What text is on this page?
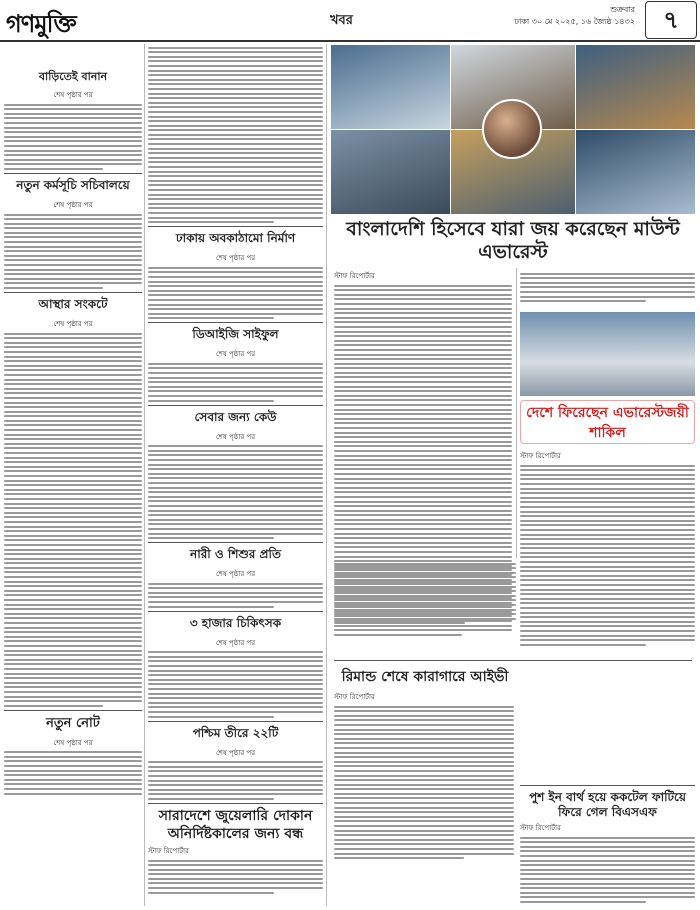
গণমুক্তি	খবর
শুক্রবার
ঢাকা ৩০ মে ২০২৫, ১৬ জ্যৈষ্ঠ ১৪৩২	৭
বাড়িতেই বানান
শেষ পৃষ্ঠার পর
নতুন কর্মসূচি সচিবালয়ে
শেষ পৃষ্ঠার পর
আস্থার সংকটে
শেষ পৃষ্ঠার পর
নতুন নোট
শেষ পৃষ্ঠার পর
ঢাকায় অবকাঠামো নির্মাণ
শেষ পৃষ্ঠার পর
ডিআইজি সাইফুল
শেষ পৃষ্ঠার পর
সেবার জন্য কেউ
শেষ পৃষ্ঠার পর
নারী ও শিশুর প্রতি
শেষ পৃষ্ঠার পর
৩ হাজার চিকিৎসক
শেষ পৃষ্ঠার পর
পশ্চিম তীরে ২২টি
শেষ পৃষ্ঠার পর
সারাদেশে জুয়েলারি দোকান অনির্দিষ্টকালের জন্য বন্ধ
স্টাফ রিপোর্টার
বাংলাদেশি হিসেবে যারা জয় করেছেন মাউন্ট এভারেস্ট
স্টাফ রিপোর্টার
দেশে ফিরেছেন এভারেস্টজয়ী শাকিল
স্টাফ রিপোর্টার
রিমান্ড শেষে কারাগারে আইভী
স্টাফ রিপোর্টার
পুশ ইন বার্থ হয়ে ককটেল ফাটিয়ে ফিরে গেল বিএসএফ
স্টাফ রিপোর্টার
